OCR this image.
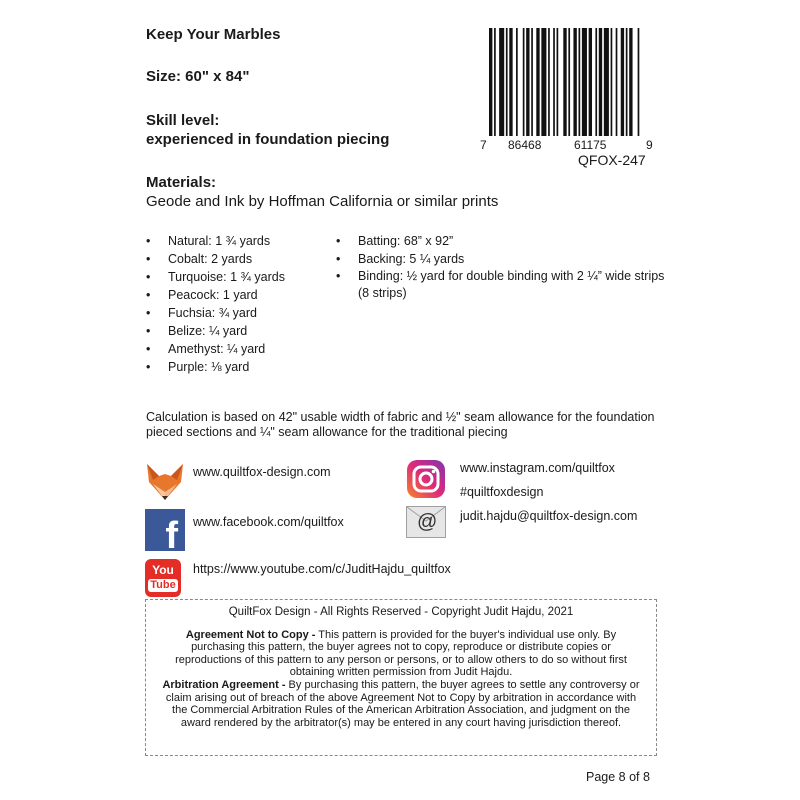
Keep Your Marbles
Size: 60" x 84"
Skill level:
experienced in foundation piecing	7 86468	61175	9
QFOX-247
Materials:
Geode and Ink by Hoffman California or similar prints
• Natural: 1 ¾ yards
• Cobalt: 2 yards
• Turquoise: 1 ¾ yards
• Peacock: 1 yard
• Fuchsia: ¾ yard
• Belize: ¼ yard
• Amethyst: ¼ yard
• Purple: ⅛ yard
• Batting: 68” x 92”
• Backing: 5 ¼ yards
• Binding: ½ yard for double binding with 2 ¼” wide strips (8 strips)
Calculation is based on 42" usable width of fabric and ½" seam allowance for the foundation pieced sections and ¼" seam allowance for the traditional piecing
www.quiltfox-design.com	www.instagram.com/quiltfox
#quiltfoxdesign
f www.facebook.com/quiltfox	@ judit.hajdu@quiltfox-design.com
You
Tube
https://www.youtube.com/c/JuditHajdu_quiltfox
QuiltFox Design - All Rights Reserved - Copyright Judit Hajdu, 2021
Agreement Not to Copy - This pattern is provided for the buyer's individual use only. By purchasing this pattern, the buyer agrees not to copy, reproduce or distribute copies or reproductions of this pattern to any person or persons, or to allow others to do so without first obtaining written permission from Judit Hajdu.
Arbitration Agreement - By purchasing this pattern, the buyer agrees to settle any controversy or claim arising out of breach of the above Agreement Not to Copy by arbitration in accordance with the Commercial Arbitration Rules of the American Arbitration Association, and judgment on the award rendered by the arbitrator(s) may be entered in any court having jurisdiction thereof.
Page 8 of 8
